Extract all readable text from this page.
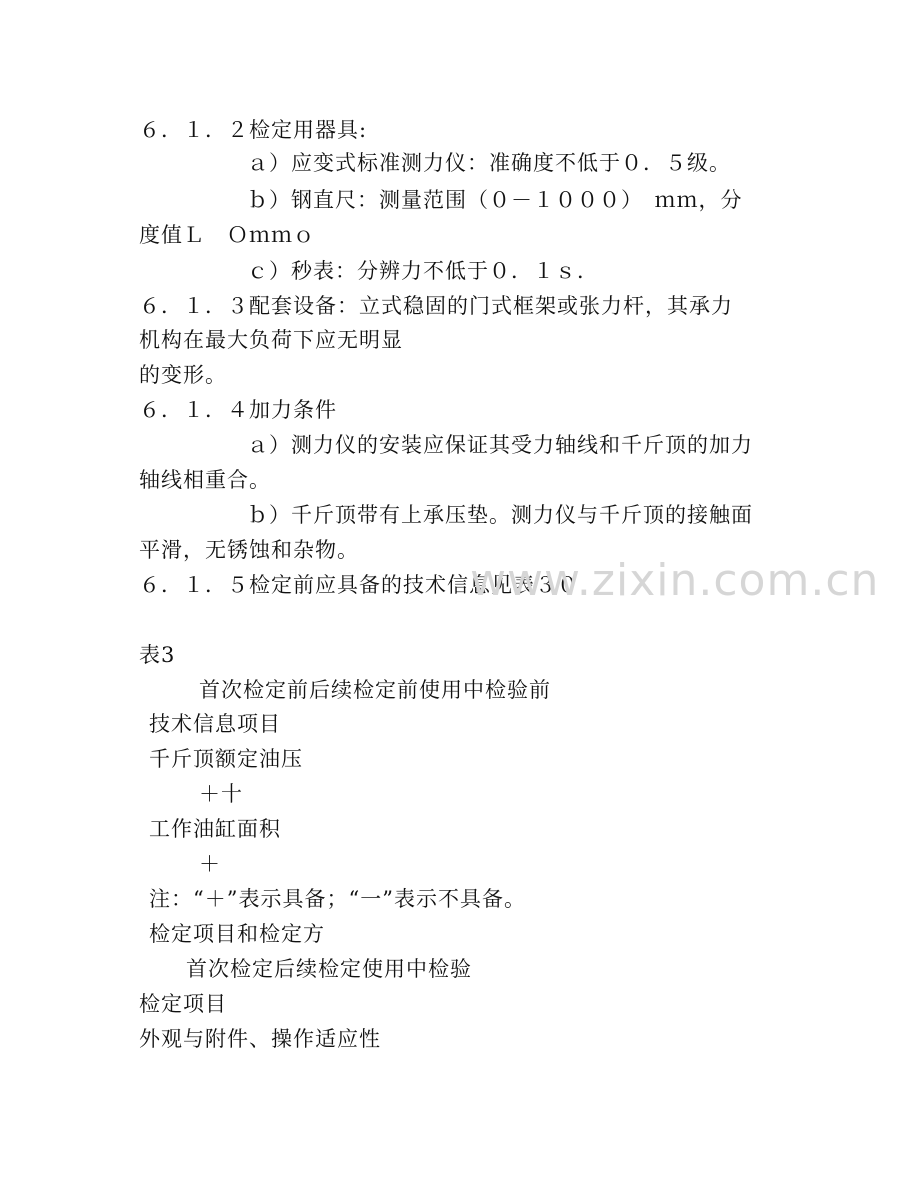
６．１．２检定用器具:
ａ）应变式标准测力仪：准确度不低于０．５级。
ｂ）钢直尺：测量范围（０－１０００）　ｍｍ，分
度值Ｌ　Ｏｍｍｏ
ｃ）秒表：分辨力不低于０．１ｓ．
６．１．３配套设备：立式稳固的门式框架或张力杆，其承力
机构在最大负荷下应无明显
的变形。
６．１．４加力条件
ａ）测力仪的安装应保证其受力轴线和千斤顶的加力
轴线相重合。
ｂ）千斤顶带有上承压垫。测力仪与千斤顶的接触面
平滑，无锈蚀和杂物。
６．１．５检定前应具备的技术信息见表３０
www.zixin.com.cn
表3
首次检定前后续检定前使用中检验前
技术信息项目
千斤顶额定油压
＋十
工作油缸面积
＋
注：“＋”表示具备；“一”表示不具备。
检定项目和检定方
首次检定后续检定使用中检验
检定项目
外观与附件、操作适应性
